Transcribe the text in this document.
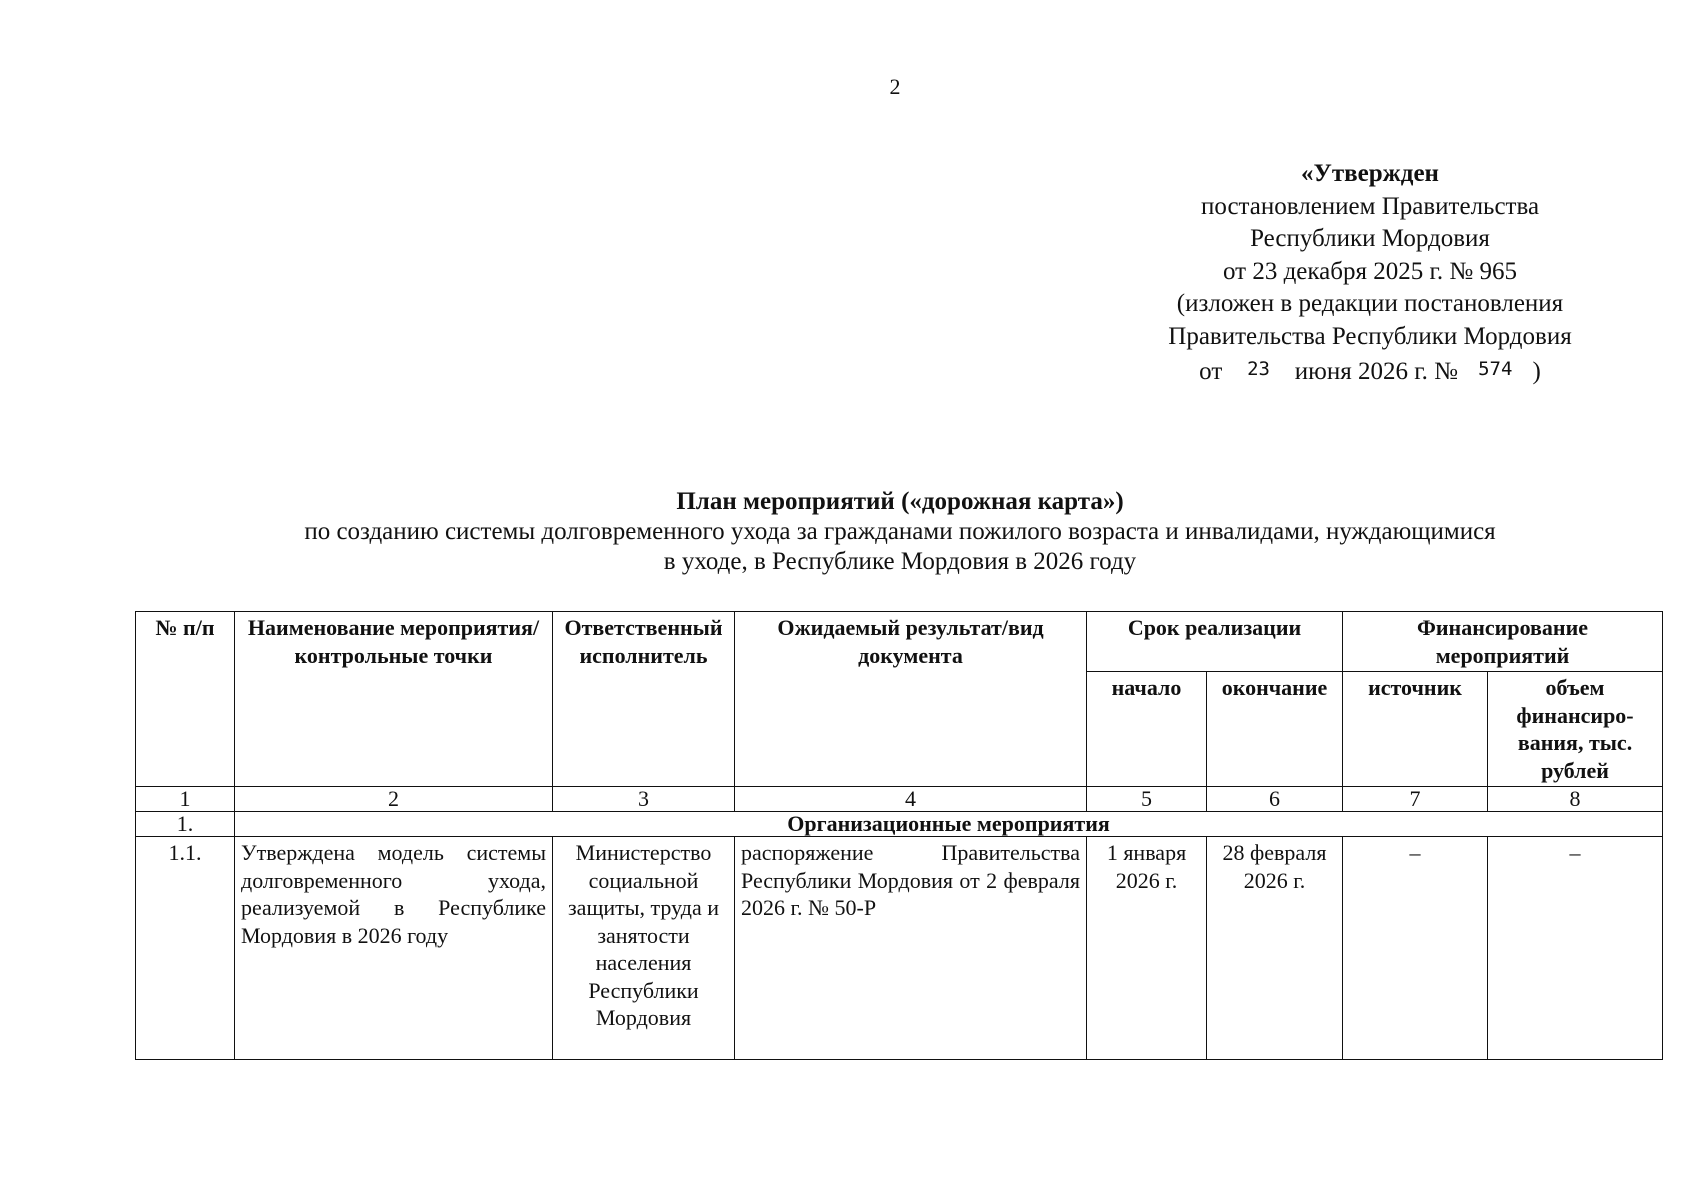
2
«Утвержден
постановлением Правительства
Республики Мордовия
от 23 декабря 2025 г. № 965
(изложен в редакции постановления
Правительства Республики Мордовия
от 23 июня 2026 г. № 574 )
План мероприятий («дорожная карта»)
по созданию системы долговременного ухода за гражданами пожилого возраста и инвалидами, нуждающимися
в уходе, в Республике Мордовия в 2026 году
№ п/п	Наименование мероприятия/ контрольные точки	Ответственный исполнитель	Ожидаемый результат/вид документа	Срок реализации		Финансирование мероприятий	
				начало	окончание	источник	объем финансиро-вания, тыс. рублей
1	2	3	4	5	6	7	8
1.	Организационные мероприятия						
1.1.	Утверждена модель системы долговременного ухода, реализуемой в Республике Мордовия в 2026 году	Министерство социальной защиты, труда и занятости населения Республики Мордовия	распоряжение Правительства Республики Мордовия от 2 февраля 2026 г. № 50-Р	1 января 2026 г.	28 февраля 2026 г.	–	–
